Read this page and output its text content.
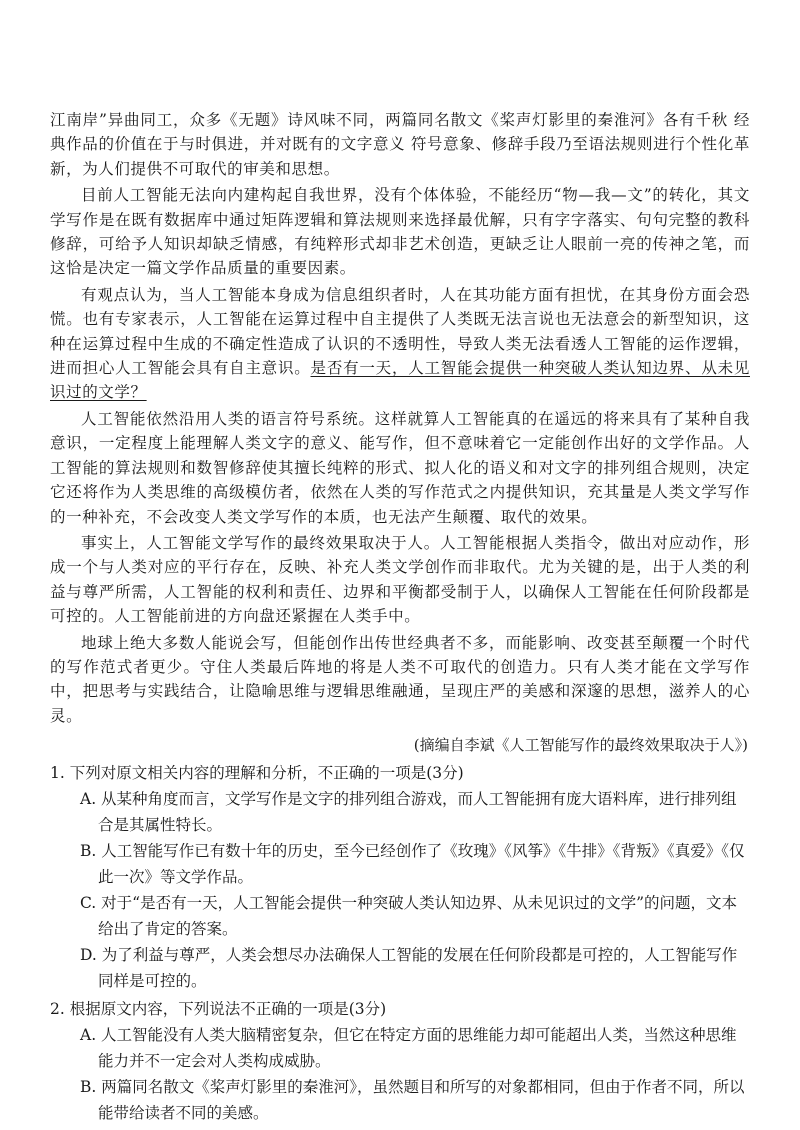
江南岸”异曲同工，众多《无题》诗风味不同，两篇同名散文《桨声灯影里的秦淮河》各有千秋 经典作品的价值在于与时俱进，并对既有的文字意义 符号意象、修辞手段乃至语法规则进行个性化革新，为人们提供不可取代的审美和思想。

目前人工智能无法向内建构起自我世界，没有个体体验，不能经历“物—我—文”的转化，其文学写作是在既有数据库中通过矩阵逻辑和算法规则来选择最优解，只有字字落实、句句完整的教科修辞，可给予人知识却缺乏情感，有纯粹形式却非艺术创造，更缺乏让人眼前一亮的传神之笔，而这恰是决定一篇文学作品质量的重要因素。

有观点认为，当人工智能本身成为信息组织者时，人在其功能方面有担忧，在其身份方面会恐慌。也有专家表示，人工智能在运算过程中自主提供了人类既无法言说也无法意会的新型知识，这种在运算过程中生成的不确定性造成了认识的不透明性，导致人类无法看透人工智能的运作逻辑，进而担心人工智能会具有自主意识。是否有一天，人工智能会提供一种突破人类认知边界、从未见识过的文学？

人工智能依然沿用人类的语言符号系统。这样就算人工智能真的在遥远的将来具有了某种自我意识，一定程度上能理解人类文字的意义、能写作，但不意味着它一定能创作出好的文学作品。人工智能的算法规则和数智修辞使其擅长纯粹的形式、拟人化的语义和对文字的排列组合规则，决定它还将作为人类思维的高级模仿者，依然在人类的写作范式之内提供知识，充其量是人类文学写作的一种补充，不会改变人类文学写作的本质，也无法产生颠覆、取代的效果。

事实上，人工智能文学写作的最终效果取决于人。人工智能根据人类指令，做出对应动作，形成一个与人类对应的平行存在，反映、补充人类文学创作而非取代。尤为关键的是，出于人类的利益与尊严所需，人工智能的权利和责任、边界和平衡都受制于人，以确保人工智能在任何阶段都是可控的。人工智能前进的方向盘还紧握在人类手中。

地球上绝大多数人能说会写，但能创作出传世经典者不多，而能影响、改变甚至颠覆一个时代的写作范式者更少。守住人类最后阵地的将是人类不可取代的创造力。只有人类才能在文学写作中，把思考与实践结合，让隐喻思维与逻辑思维融通，呈现庄严的美感和深邃的思想，滋养人的心灵。

(摘编自李斌《人工智能写作的最终效果取决于人》)
1. 下列对原文相关内容的理解和分析，不正确的一项是(3分)
A. 从某种角度而言，文学写作是文字的排列组合游戏，而人工智能拥有庞大语料库，进行排列组合是其属性特长。
B. 人工智能写作已有数十年的历史，至今已经创作了《玫瑰》《风筝》《牛排》《背叛》《真爱》《仅此一次》等文学作品。
C. 对于“是否有一天，人工智能会提供一种突破人类认知边界、从未见识过的文学”的问题，文本给出了肯定的答案。
D. 为了利益与尊严，人类会想尽办法确保人工智能的发展在任何阶段都是可控的，人工智能写作同样是可控的。
2. 根据原文内容，下列说法不正确的一项是(3分)
A. 人工智能没有人类大脑精密复杂，但它在特定方面的思维能力却可能超出人类，当然这种思维能力并不一定会对人类构成威胁。
B. 两篇同名散文《桨声灯影里的秦淮河》，虽然题目和所写的对象都相同，但由于作者不同，所以能带给读者不同的美感。
